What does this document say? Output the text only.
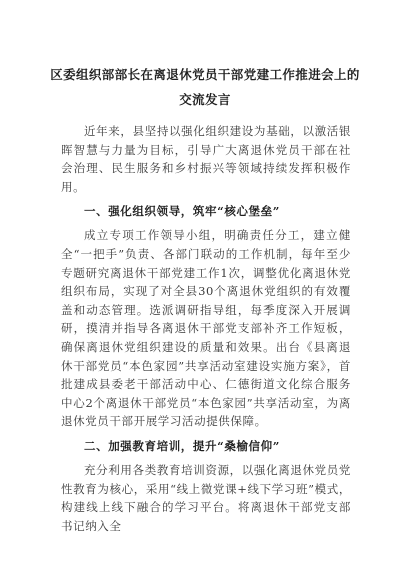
区委组织部部长在离退休党员干部党建工作推进会上的交流发言

近年来，县坚持以强化组织建设为基础，以激活银晖智慧与力量为目标，引导广大离退休党员干部在社会治理、民生服务和乡村振兴等领域持续发挥积极作用。

一、强化组织领导，筑牢“核心堡垒”

成立专项工作领导小组，明确责任分工，建立健全“一把手”负责、各部门联动的工作机制，每年至少专题研究离退休干部党建工作1次，调整优化离退休党组织布局，实现了对全县30个离退休党组织的有效覆盖和动态管理。选派调研指导组，每季度深入开展调研，摸清并指导各离退休干部党支部补齐工作短板，确保离退休党组织建设的质量和效果。出台《县离退休干部党员“本色家园”共享活动室建设实施方案》，首批建成县委老干部活动中心、仁德街道文化综合服务中心2个离退休干部党员“本色家园”共享活动室，为离退休党员干部开展学习活动提供保障。

二、加强教育培训，提升“桑榆信仰”

充分利用各类教育培训资源，以强化离退休党员党性教育为核心，采用“线上微党课+线下学习班”模式，构建线上线下融合的学习平台。将离退休干部党支部书记纳入全
